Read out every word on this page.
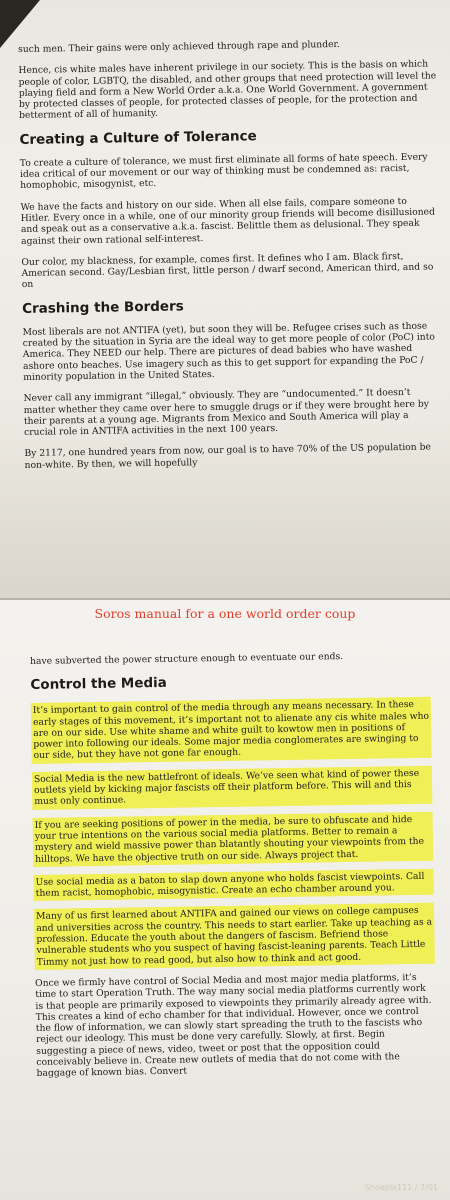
such men. Their gains were only achieved through rape and plunder.

Hence, cis white males have inherent privilege in our society. This is the basis on which people of color, LGBTQ, the disabled, and other groups that need protection will level the playing field and form a New World Order a.k.a. One World Government. A government by protected classes of people, for protected classes of people, for the protection and betterment of all of humanity.

Creating a Culture of Tolerance

To create a culture of tolerance, we must first eliminate all forms of hate speech. Every idea critical of our movement or our way of thinking must be condemned as: racist, homophobic, misogynist, etc.

We have the facts and history on our side. When all else fails, compare someone to Hitler. Every once in a while, one of our minority group friends will become disillusioned and speak out as a conservative a.k.a. fascist. Belittle them as delusional. They speak against their own rational self-interest.

Our color, my blackness, for example, comes first. It defines who I am. Black first, American second. Gay/Lesbian first, little person / dwarf second, American third, and so on

Crashing the Borders

Most liberals are not ANTIFA (yet), but soon they will be. Refugee crises such as those created by the situation in Syria are the ideal way to get more people of color (PoC) into America. They NEED our help. There are pictures of dead babies who have washed ashore onto beaches. Use imagery such as this to get support for expanding the PoC / minority population in the United States.

Never call any immigrant “illegal,” obviously. They are “undocumented.” It doesn’t matter whether they came over here to smuggle drugs or if they were brought here by their parents at a young age. Migrants from Mexico and South America will play a crucial role in ANTIFA activities in the next 100 years.

By 2117, one hundred years from now, our goal is to have 70% of the US population be non-white. By then, we will hopefully

Soros manual for a one world order coup

have subverted the power structure enough to eventuate our ends.

Control the Media

It’s important to gain control of the media through any means necessary. In these early stages of this movement, it’s important not to alienate any cis white males who are on our side. Use white shame and white guilt to kowtow men in positions of power into following our ideals. Some major media conglomerates are swinging to our side, but they have not gone far enough.

Social Media is the new battlefront of ideals. We’ve seen what kind of power these outlets yield by kicking major fascists off their platform before. This will and this must only continue.

If you are seeking positions of power in the media, be sure to obfuscate and hide your true intentions on the various social media platforms. Better to remain a mystery and wield massive power than blatantly shouting your viewpoints from the hilltops. We have the objective truth on our side. Always project that.

Use social media as a baton to slap down anyone who holds fascist viewpoints. Call them racist, homophobic, misogynistic. Create an echo chamber around you.

Many of us first learned about ANTIFA and gained our views on college campuses and universities across the country. This needs to start earlier. Take up teaching as a profession. Educate the youth about the dangers of fascism. Befriend those vulnerable students who you suspect of having fascist-leaning parents. Teach Little Timmy not just how to read good, but also how to think and act good.

Once we firmly have control of Social Media and most major media platforms, it’s time to start Operation Truth. The way many social media platforms currently work is that people are primarily exposed to viewpoints they primarily already agree with. This creates a kind of echo chamber for that individual. However, once we control the flow of information, we can slowly start spreading the truth to the fascists who reject our ideology. This must be done very carefully. Slowly, at first. Begin suggesting a piece of news, video, tweet or post that the opposition could conceivably believe in. Create new outlets of media that do not come with the baggage of known bias. Convert

Shoeple111 / 7/01
